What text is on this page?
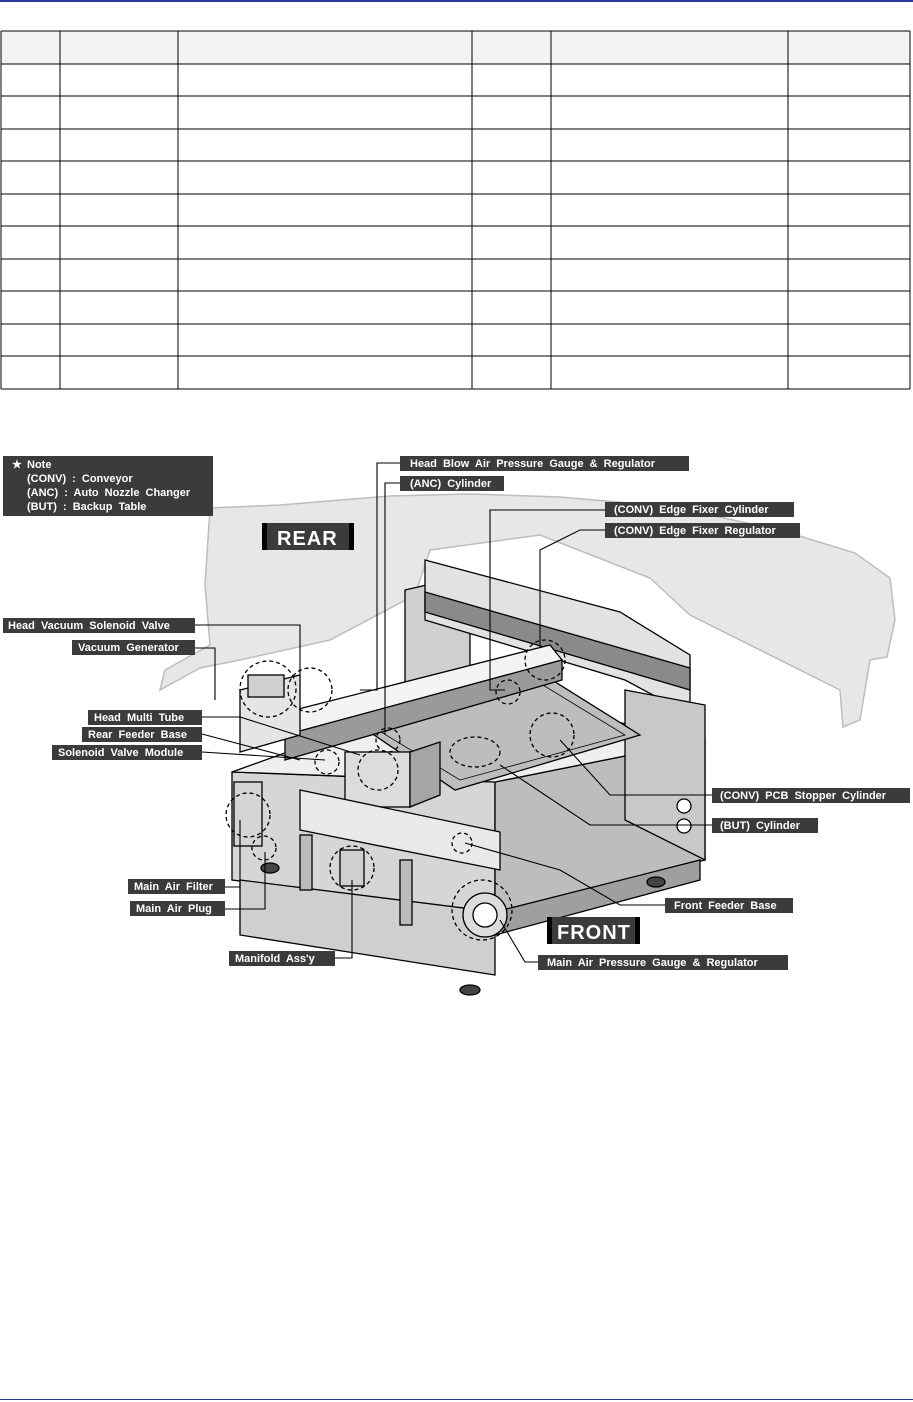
★ Note
(CONV) : Conveyor
(ANC) : Auto Nozzle Changer
(BUT) : Backup Table
REAR
FRONT
Head Blow Air Pressure Gauge & Regulator
(ANC) Cylinder
(CONV) Edge Fixer Cylinder
(CONV) Edge Fixer Regulator
Head Vacuum Solenoid Valve
Vacuum Generator
Head Multi Tube
Rear Feeder Base
Solenoid Valve Module
(CONV) PCB Stopper Cylinder
(BUT) Cylinder
Front Feeder Base
Main Air Filter
Main Air Plug
Manifold Ass'y	Main Air Pressure Gauge & Regulator
